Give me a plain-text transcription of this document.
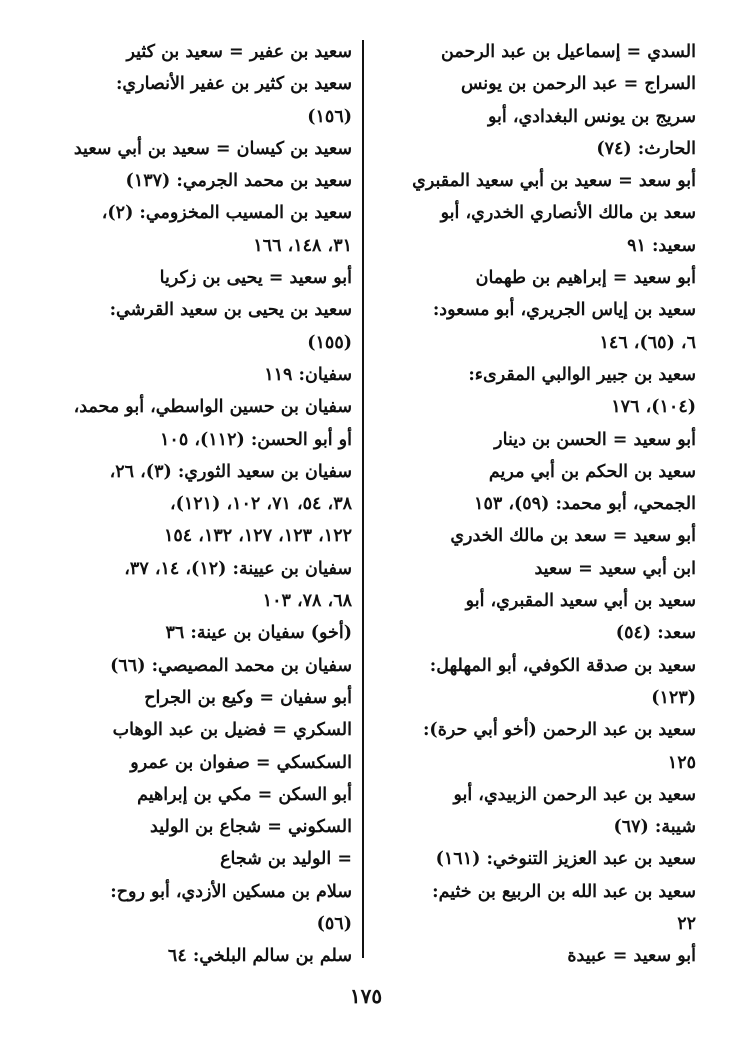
السدي = إسماعيل بن عبد الرحمن
السراج = عبد الرحمن بن يونس
سريج بن يونس البغدادي، أبو
الحارث: (٧٤)
أبو سعد = سعيد بن أبي سعيد المقبري
سعد بن مالك الأنصاري الخدري، أبو
سعيد: ٩١
أبو سعيد = إبراهيم بن طهمان
سعيد بن إياس الجريري، أبو مسعود:
٦، (٦٥)، ١٤٦
سعيد بن جبير الوالبي المقرىء:
(١٠٤)، ١٧٦
أبو سعيد = الحسن بن دينار
سعيد بن الحكم بن أبي مريم
الجمحي، أبو محمد: (٥٩)، ١٥٣
أبو سعيد = سعد بن مالك الخدري
ابن أبي سعيد = سعيد
سعيد بن أبي سعيد المقبري، أبو
سعد: (٥٤)
سعيد بن صدقة الكوفي، أبو المهلهل:
(١٢٣)
سعيد بن عبد الرحمن (أخو أبي حرة):
١٢٥
سعيد بن عبد الرحمن الزبيدي، أبو
شيبة: (٦٧)
سعيد بن عبد العزيز التنوخي: (١٦١)
سعيد بن عبد الله بن الربيع بن خثيم:
٢٢
أبو سعيد = عبيدة
سعيد بن عفير = سعيد بن كثير
سعيد بن كثير بن عفير الأنصاري:
(١٥٦)
سعيد بن كيسان = سعيد بن أبي سعيد
سعيد بن محمد الجرمي: (١٣٧)
سعيد بن المسيب المخزومي: (٢)،
٣١، ١٤٨، ١٦٦
أبو سعيد = يحيى بن زكريا
سعيد بن يحيى بن سعيد القرشي:
(١٥٥)
سفيان: ١١٩
سفيان بن حسين الواسطي، أبو محمد،
أو أبو الحسن: (١١٢)، ١٠٥
سفيان بن سعيد الثوري: (٣)، ٢٦،
٣٨، ٥٤، ٧١، ١٠٢، (١٢١)،
١٢٢، ١٢٣، ١٢٧، ١٣٢، ١٥٤
سفيان بن عيينة: (١٢)، ١٤، ٣٧،
٦٨، ٧٨، ١٠٣
(أخو) سفيان بن عينة: ٣٦
سفيان بن محمد المصيصي: (٦٦)
أبو سفيان = وكيع بن الجراح
السكري = فضيل بن عبد الوهاب
السكسكي = صفوان بن عمرو
أبو السكن = مكي بن إبراهيم
السكوني = شجاع بن الوليد
= الوليد بن شجاع
سلام بن مسكين الأزدي، أبو روح:
(٥٦)
سلم بن سالم البلخي: ٦٤
١٧٥
